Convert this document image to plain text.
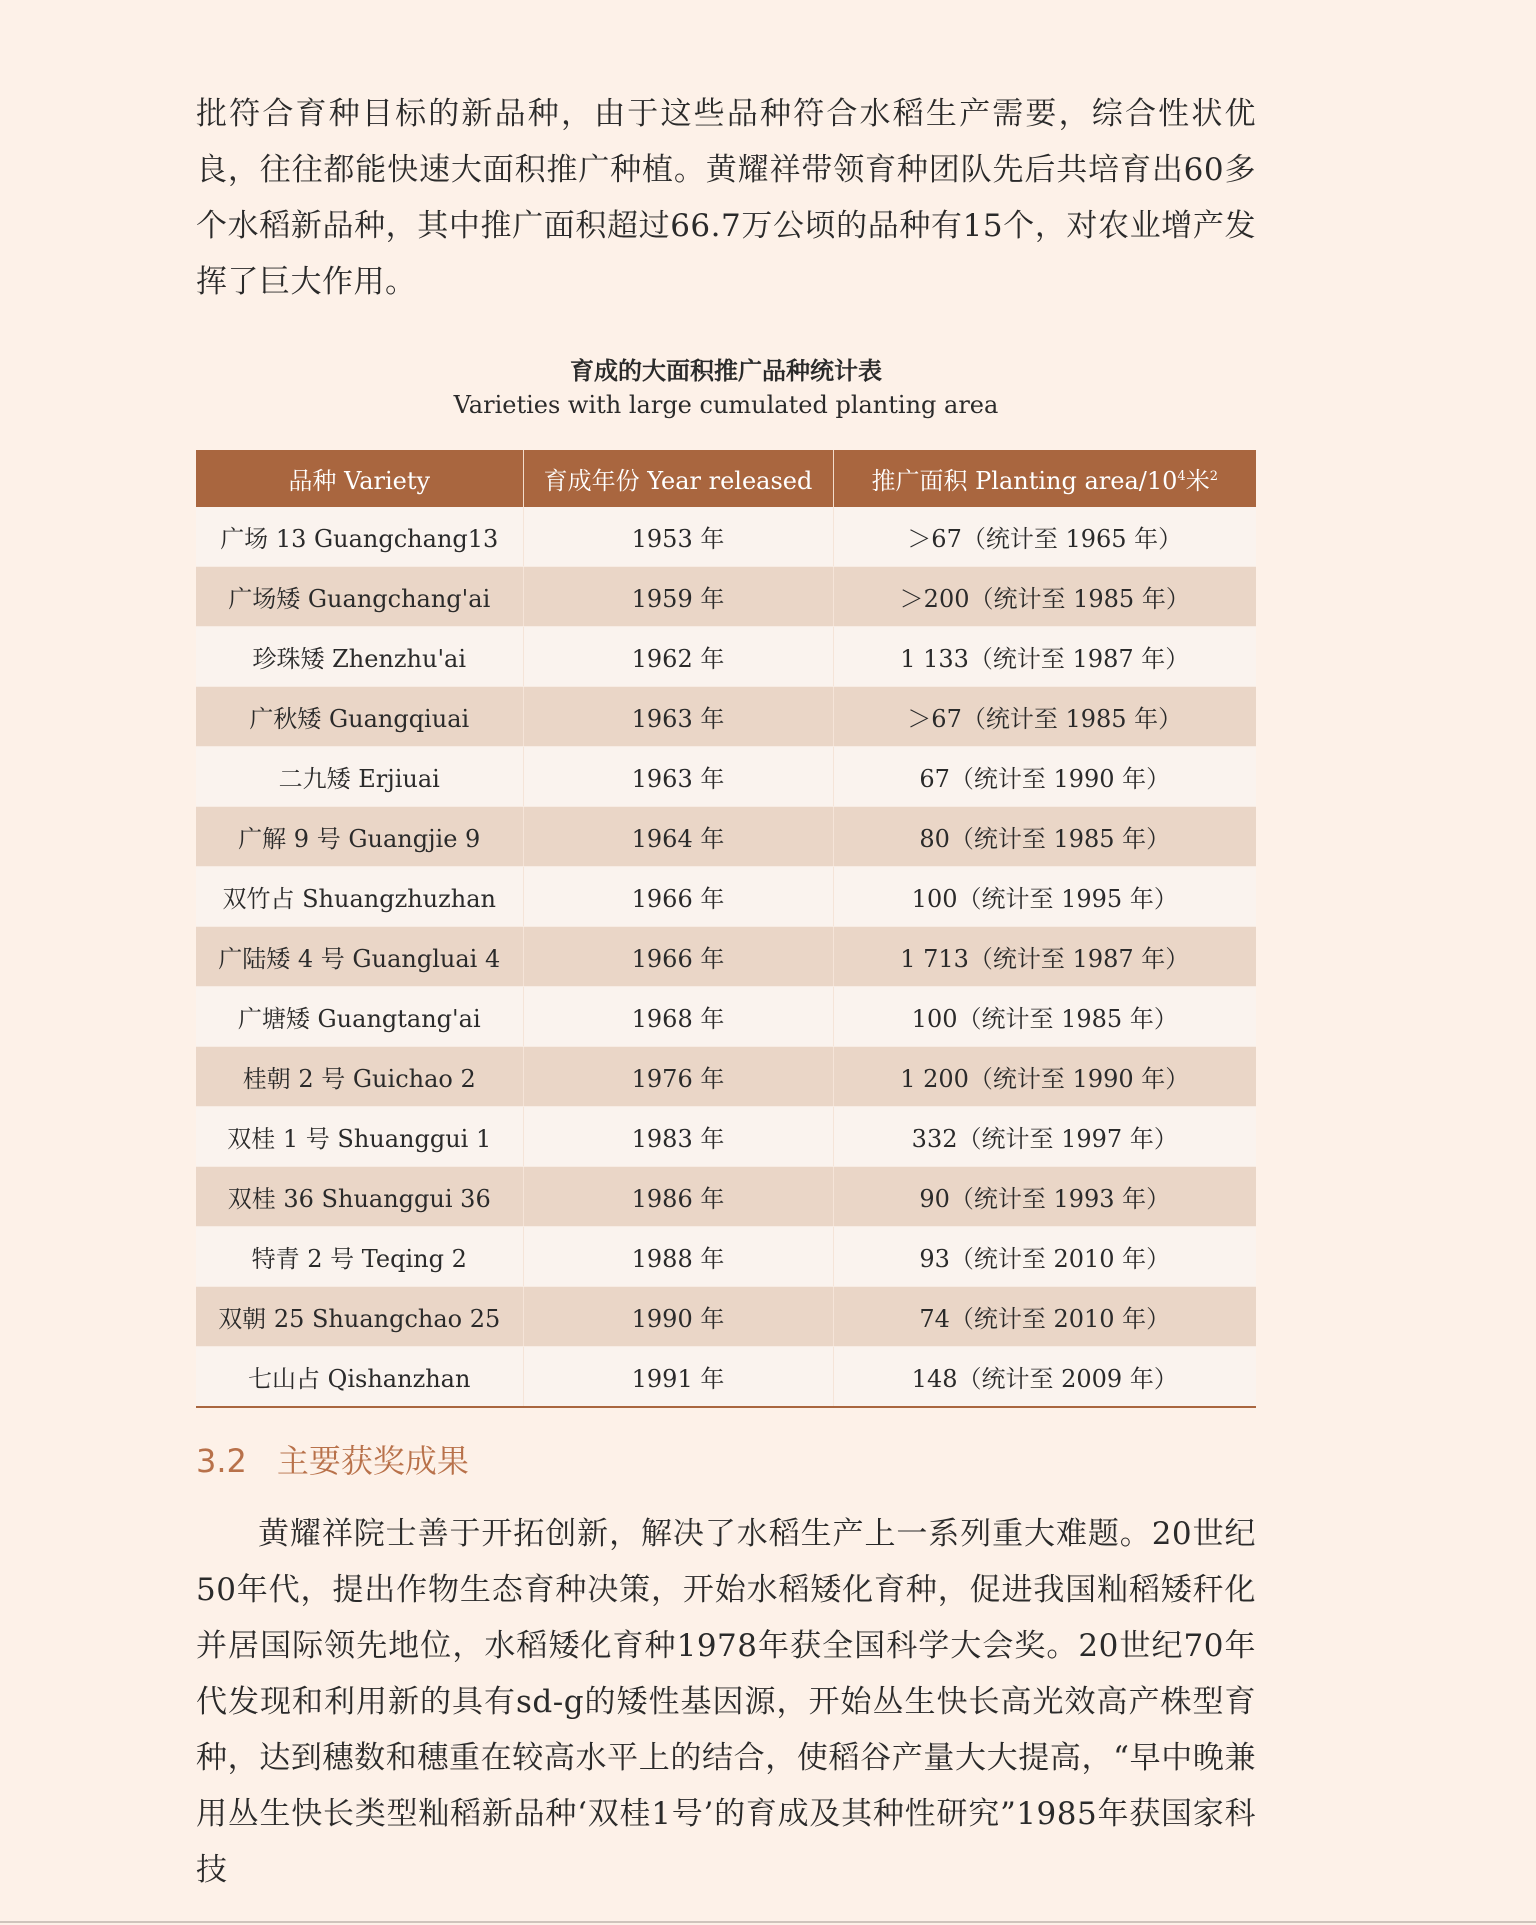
批符合育种目标的新品种，由于这些品种符合水稻生产需要，综合性状优良，往往都能快速大面积推广种植。黄耀祥带领育种团队先后共培育出60多个水稻新品种，其中推广面积超过66.7万公顷的品种有15个，对农业增产发挥了巨大作用。

育成的大面积推广品种统计表
Varieties with large cumulated planting area
品种 Variety	育成年份 Year released	推广面积 Planting area/$10^4$米$^2$
广场 13 Guangchang13	1953 年	＞67（统计至 1965 年）
广场矮 Guangchang'ai	1959 年	＞200（统计至 1985 年）
珍珠矮 Zhenzhu'ai	1962 年	1 133（统计至 1987 年）
广秋矮 Guangqiuai	1963 年	＞67（统计至 1985 年）
二九矮 Erjiuai	1963 年	67（统计至 1990 年）
广解 9 号 Guangjie 9	1964 年	80（统计至 1985 年）
双竹占 Shuangzhuzhan	1966 年	100（统计至 1995 年）
广陆矮 4 号 Guangluai 4	1966 年	1 713（统计至 1987 年）
广塘矮 Guangtang'ai	1968 年	100（统计至 1985 年）
桂朝 2 号 Guichao 2	1976 年	1 200（统计至 1990 年）
双桂 1 号 Shuanggui 1	1983 年	332（统计至 1997 年）
双桂 36 Shuanggui 36	1986 年	90（统计至 1993 年）
特青 2 号 Teqing 2	1988 年	93（统计至 2010 年）
双朝 25 Shuangchao 25	1990 年	74（统计至 2010 年）
七山占 Qishanzhan	1991 年	148（统计至 2009 年）
3.2 主要获奖成果

黄耀祥院士善于开拓创新，解决了水稻生产上一系列重大难题。20世纪50年代，提出作物生态育种决策，开始水稻矮化育种，促进我国籼稻矮秆化并居国际领先地位，水稻矮化育种1978年获全国科学大会奖。20世纪70年代发现和利用新的具有sd-g的矮性基因源，开始丛生快长高光效高产株型育种，达到穗数和穗重在较高水平上的结合，使稻谷产量大大提高，“早中晚兼用丛生快长类型籼稻新品种‘双桂1号’的育成及其种性研究”1985年获国家科技
